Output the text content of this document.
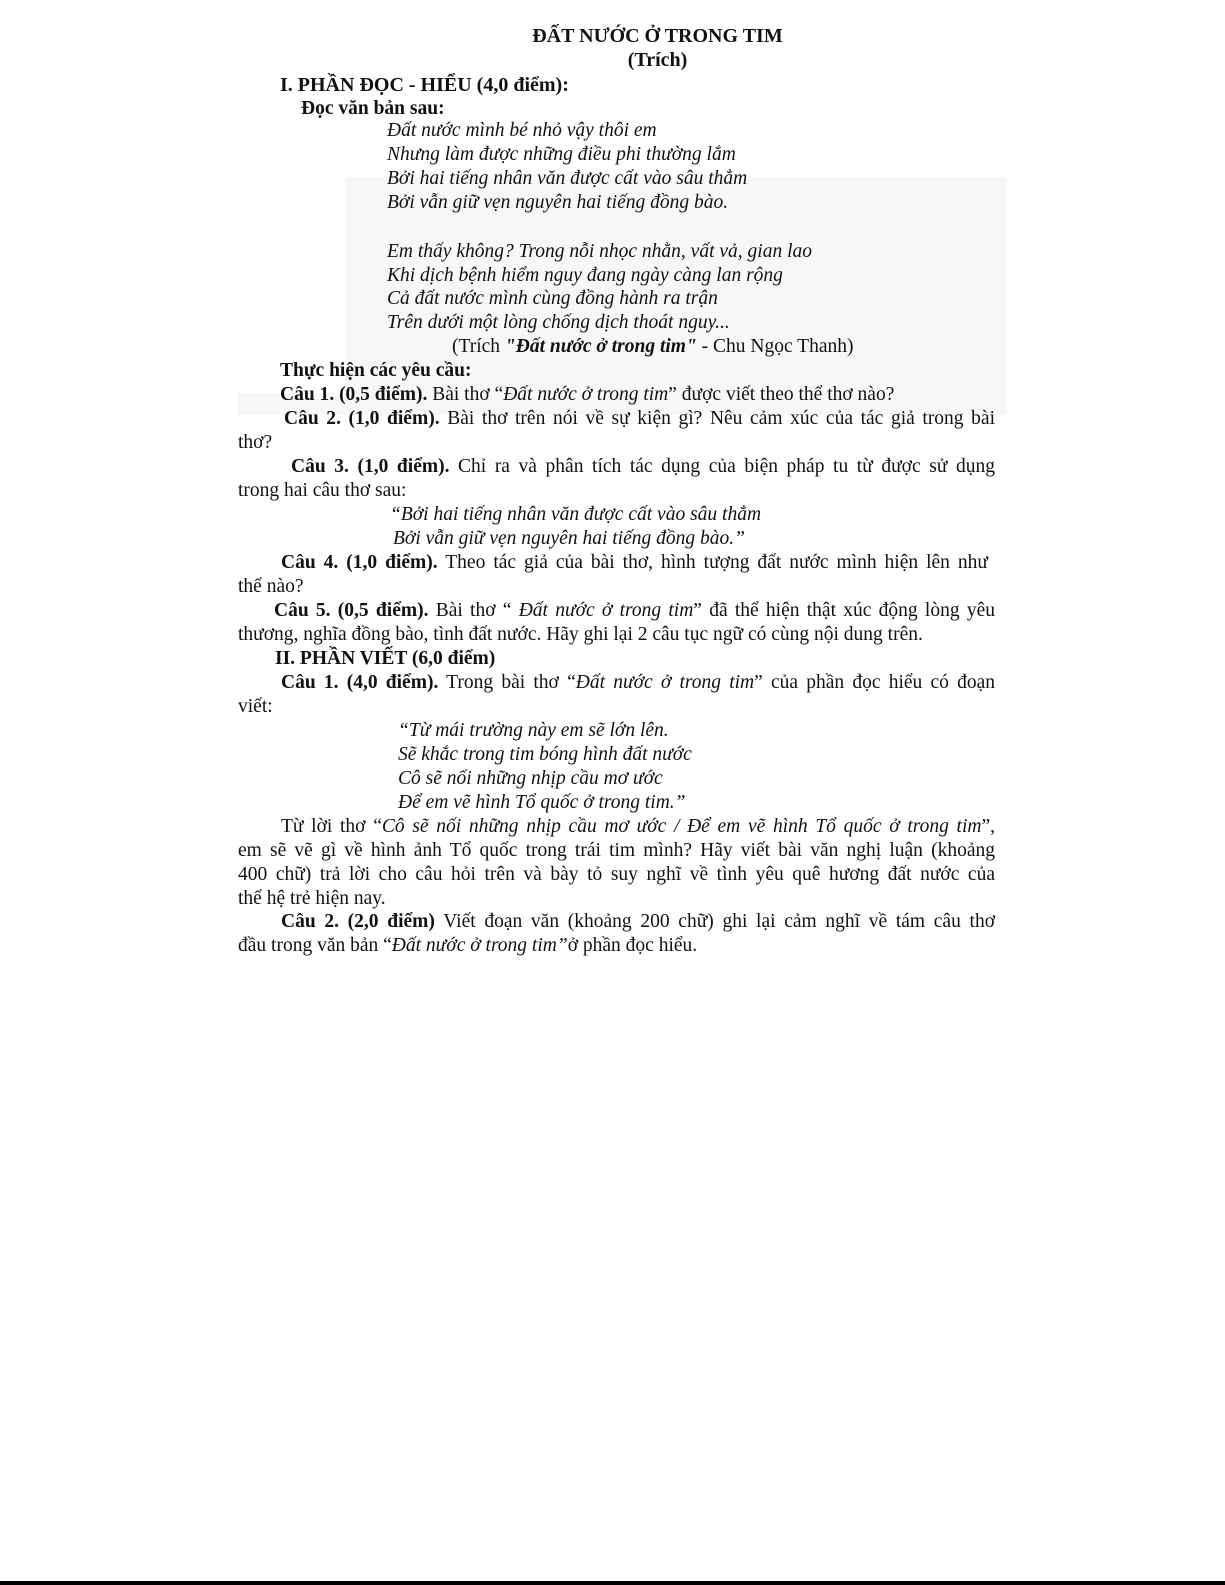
ĐẤT NƯỚC Ở TRONG TIM
(Trích)
I. PHẦN ĐỌC - HIỂU (4,0 điểm):
Đọc văn bản sau:
Đất nước mình bé nhỏ vậy thôi em
Nhưng làm được những điều phi thường lắm
Bởi hai tiếng nhân văn được cất vào sâu thẳm
Bởi vẫn giữ vẹn nguyên hai tiếng đồng bào.
Em thấy không? Trong nỗi nhọc nhằn, vất vả, gian lao
Khi dịch bệnh hiểm nguy đang ngày càng lan rộng
Cả đất nước mình cùng đồng hành ra trận
Trên dưới một lòng chống dịch thoát nguy...
(Trích "Đất nước ở trong tim" - Chu Ngọc Thanh)
Thực hiện các yêu cầu:
Câu 1. (0,5 điểm). Bài thơ “Đất nước ở trong tim” được viết theo thể thơ nào?
Câu 2. (1,0 điểm). Bài thơ trên nói về sự kiện gì? Nêu cảm xúc của tác giả trong bài
thơ?
Câu 3. (1,0 điểm). Chỉ ra và phân tích tác dụng của biện pháp tu từ được sử dụng
trong hai câu thơ sau:
“Bởi hai tiếng nhân văn được cất vào sâu thẳm
Bởi vẫn giữ vẹn nguyên hai tiếng đồng bào.”
Câu 4. (1,0 điểm). Theo tác giả của bài thơ, hình tượng đất nước mình hiện lên như
thế nào?
Câu 5. (0,5 điểm). Bài thơ “ Đất nước ở trong tim” đã thể hiện thật xúc động lòng yêu
thương, nghĩa đồng bào, tình đất nước. Hãy ghi lại 2 câu tục ngữ có cùng nội dung trên.
II. PHẦN VIẾT (6,0 điểm)
Câu 1. (4,0 điểm). Trong bài thơ “Đất nước ở trong tim” của phần đọc hiểu có đoạn
viết:
“Từ mái trường này em sẽ lớn lên.
Sẽ khắc trong tim bóng hình đất nước
Cô sẽ nối những nhịp cầu mơ ước
Để em vẽ hình Tổ quốc ở trong tim.”
Từ lời thơ “Cô sẽ nối những nhịp cầu mơ ước / Để em vẽ hình Tổ quốc ở trong tim”,
em sẽ vẽ gì về hình ảnh Tổ quốc trong trái tim mình? Hãy viết bài văn nghị luận (khoảng
400 chữ) trả lời cho câu hỏi trên và bày tỏ suy nghĩ về tình yêu quê hương đất nước của
thế hệ trẻ hiện nay.
Câu 2. (2,0 điểm) Viết đoạn văn (khoảng 200 chữ) ghi lại cảm nghĩ về tám câu thơ
đầu trong văn bản “Đất nước ở trong tim”ở phần đọc hiểu.
